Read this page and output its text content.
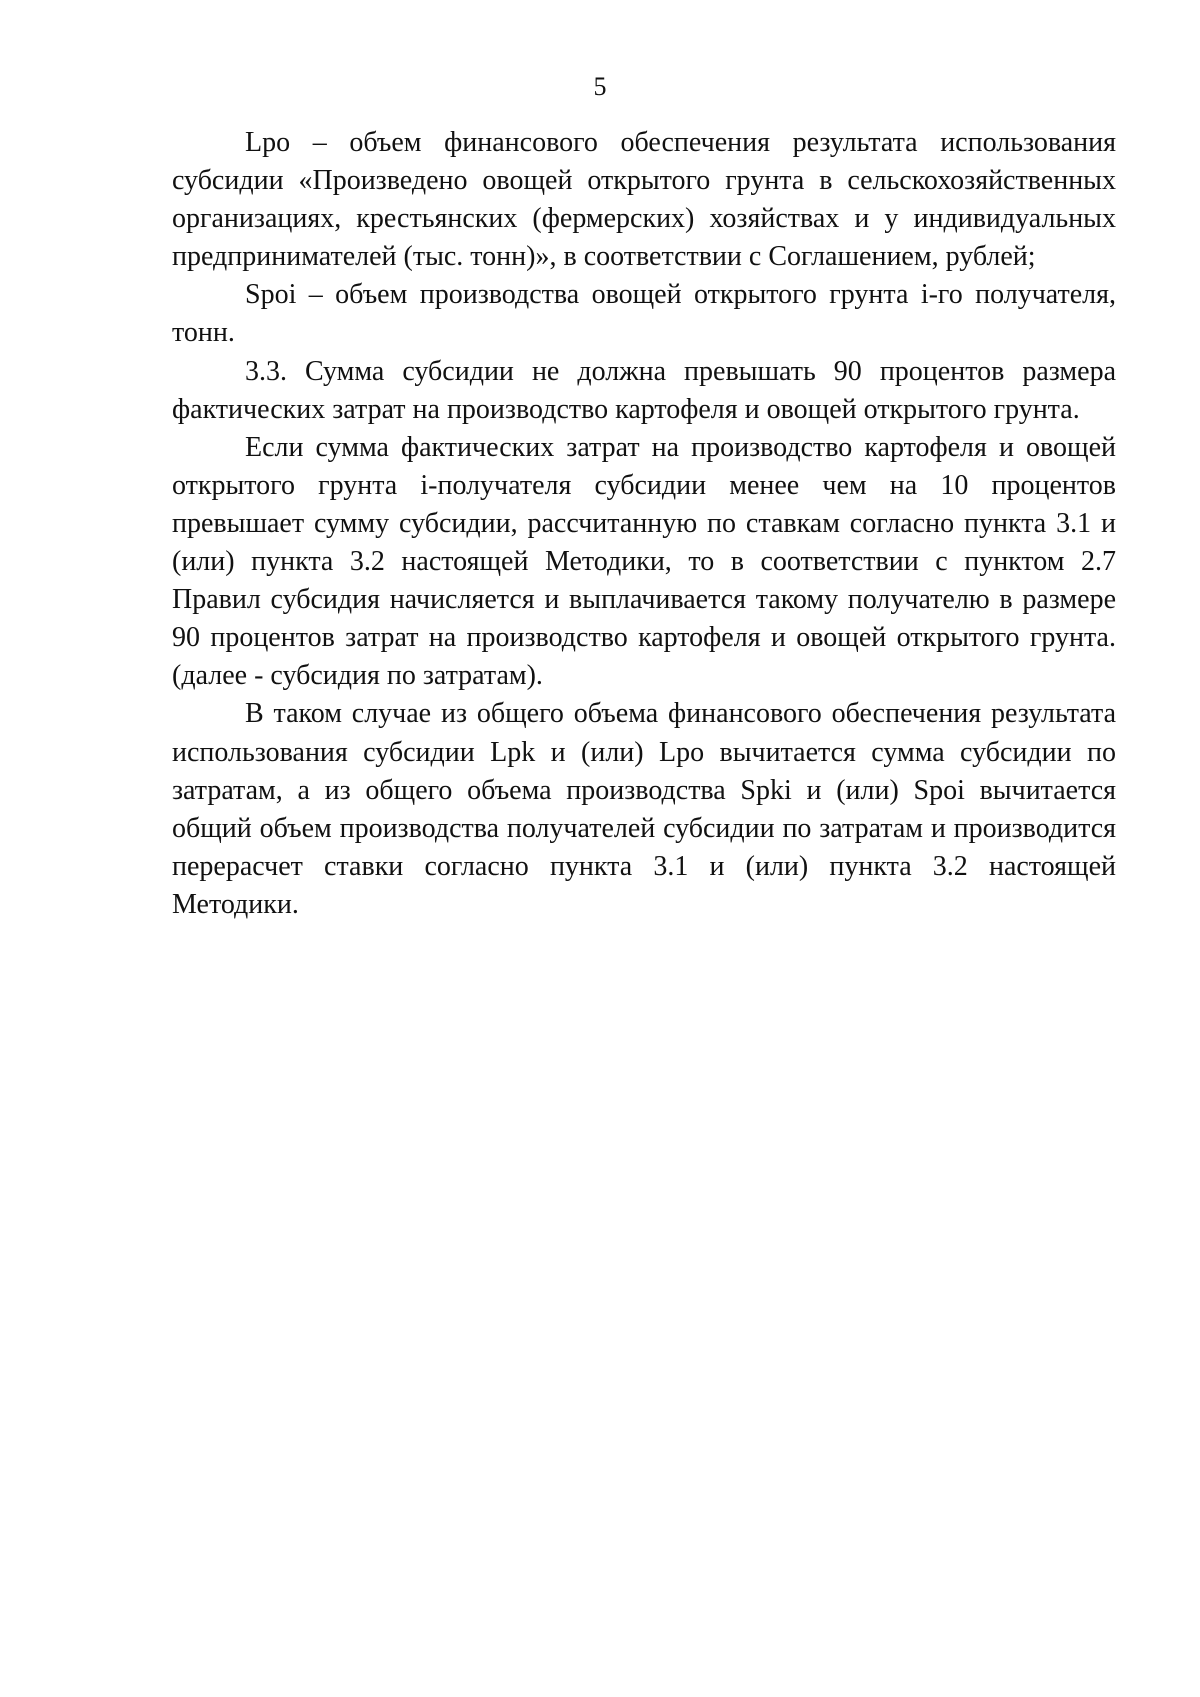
5

Lpo – объем финансового обеспечения результата использования субсидии «Произведено овощей открытого грунта в сельскохозяйственных организациях, крестьянских (фермерских) хозяйствах и у индивидуальных предпринимателей (тыс. тонн)», в соответствии с Соглашением, рублей;

Spoi – объем производства овощей открытого грунта i-го получателя, тонн.

3.3. Сумма субсидии не должна превышать 90 процентов размера фактических затрат на производство картофеля и овощей открытого грунта.

Если сумма фактических затрат на производство картофеля и овощей открытого грунта i-получателя субсидии менее чем на 10 процентов превышает сумму субсидии, рассчитанную по ставкам согласно пункта 3.1 и (или) пункта 3.2 настоящей Методики, то в соответствии с пунктом 2.7 Правил субсидия начисляется и выплачивается такому получателю в размере 90 процентов затрат на производство картофеля и овощей открытого грунта. (далее - субсидия по затратам).

В таком случае из общего объема финансового обеспечения результата использования субсидии Lpk и (или) Lpo вычитается сумма субсидии по затратам, а из общего объема производства Spki и (или) Spoi вычитается общий объем производства получателей субсидии по затратам и производится перерасчет ставки согласно пункта 3.1 и (или) пункта 3.2 настоящей Методики.
